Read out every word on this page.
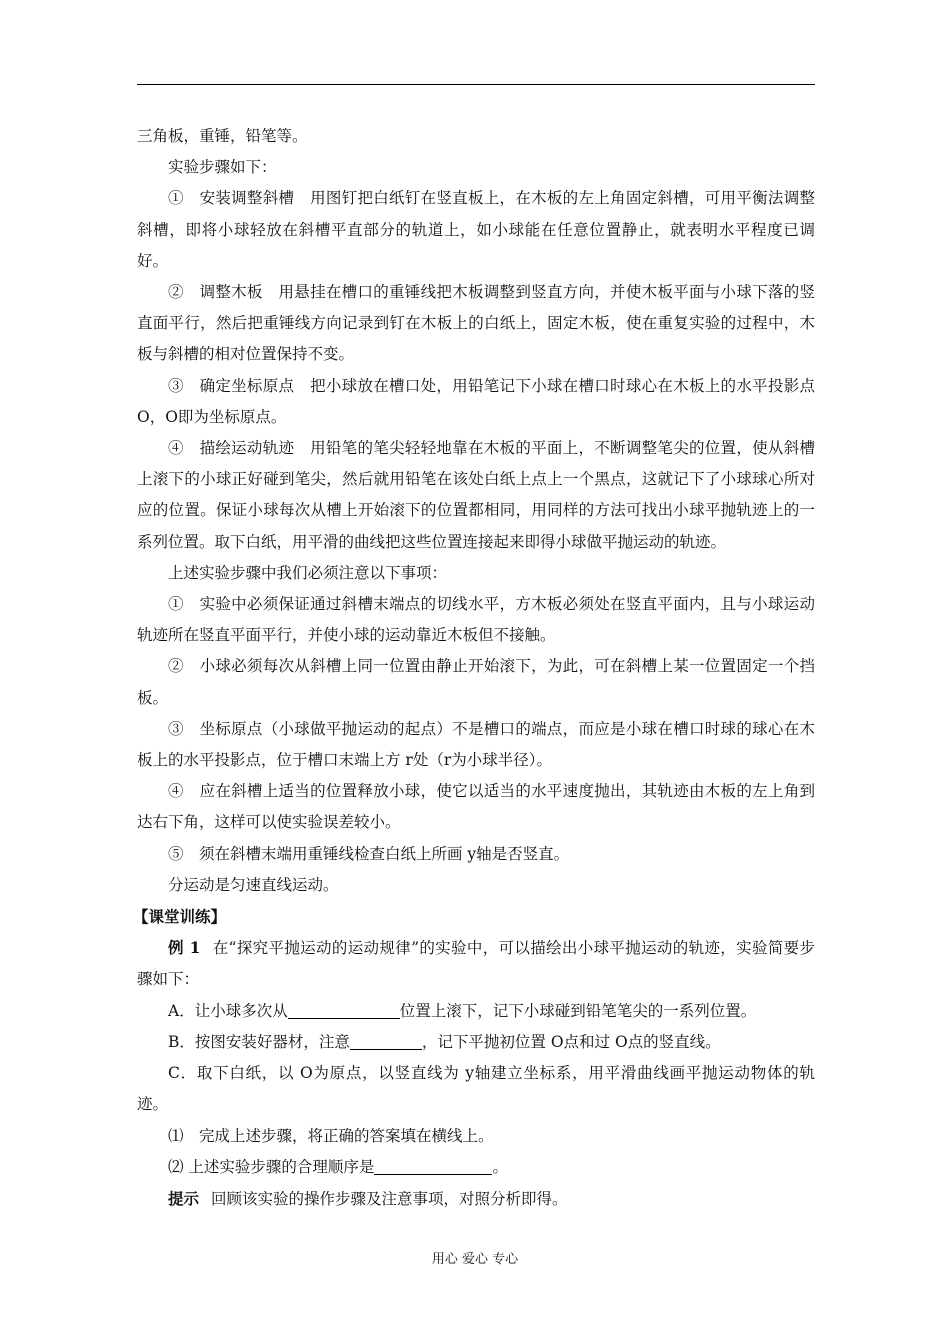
三角板，重锤，铅笔等。

实验步骤如下：

①　安装调整斜槽　用图钉把白纸钉在竖直板上，在木板的左上角固定斜槽，可用平衡法调整斜槽，即将小球轻放在斜槽平直部分的轨道上，如小球能在任意位置静止，就表明水平程度已调好。

②　调整木板　用悬挂在槽口的重锤线把木板调整到竖直方向，并使木板平面与小球下落的竖直面平行，然后把重锤线方向记录到钉在木板上的白纸上，固定木板，使在重复实验的过程中，木板与斜槽的相对位置保持不变。

③　确定坐标原点　把小球放在槽口处，用铅笔记下小球在槽口时球心在木板上的水平投影点 O，O即为坐标原点。

④　描绘运动轨迹　用铅笔的笔尖轻轻地靠在木板的平面上，不断调整笔尖的位置，使从斜槽上滚下的小球正好碰到笔尖，然后就用铅笔在该处白纸上点上一个黑点，这就记下了小球球心所对应的位置。保证小球每次从槽上开始滚下的位置都相同，用同样的方法可找出小球平抛轨迹上的一系列位置。取下白纸，用平滑的曲线把这些位置连接起来即得小球做平抛运动的轨迹。

上述实验步骤中我们必须注意以下事项：

①　实验中必须保证通过斜槽末端点的切线水平，方木板必须处在竖直平面内，且与小球运动轨迹所在竖直平面平行，并使小球的运动靠近木板但不接触。

②　小球必须每次从斜槽上同一位置由静止开始滚下，为此，可在斜槽上某一位置固定一个挡板。

③　坐标原点（小球做平抛运动的起点）不是槽口的端点，而应是小球在槽口时球的球心在木板上的水平投影点，位于槽口末端上方 r处（r为小球半径）。

④　应在斜槽上适当的位置释放小球，使它以适当的水平速度抛出，其轨迹由木板的左上角到达右下角，这样可以使实验误差较小。

⑤　须在斜槽末端用重锤线检查白纸上所画 y轴是否竖直。

分运动是匀速直线运动。

【课堂训练】

例 1 在“探究平抛运动的运动规律”的实验中，可以描绘出小球平抛运动的轨迹，实验简要步骤如下：

A．让小球多次从	位置上滚下，记下小球碰到铅笔笔尖的一系列位置。

B．按图安装好器材，注意	，记下平抛初位置 O点和过 O点的竖直线。

C．取下白纸，以 O为原点，以竖直线为 y轴建立坐标系，用平滑曲线画平抛运动物体的轨迹。

⑴　完成上述步骤，将正确的答案填在横线上。

⑵ 上述实验步骤的合理顺序是	。

提示 回顾该实验的操作步骤及注意事项，对照分析即得。

用心 爱心 专心
